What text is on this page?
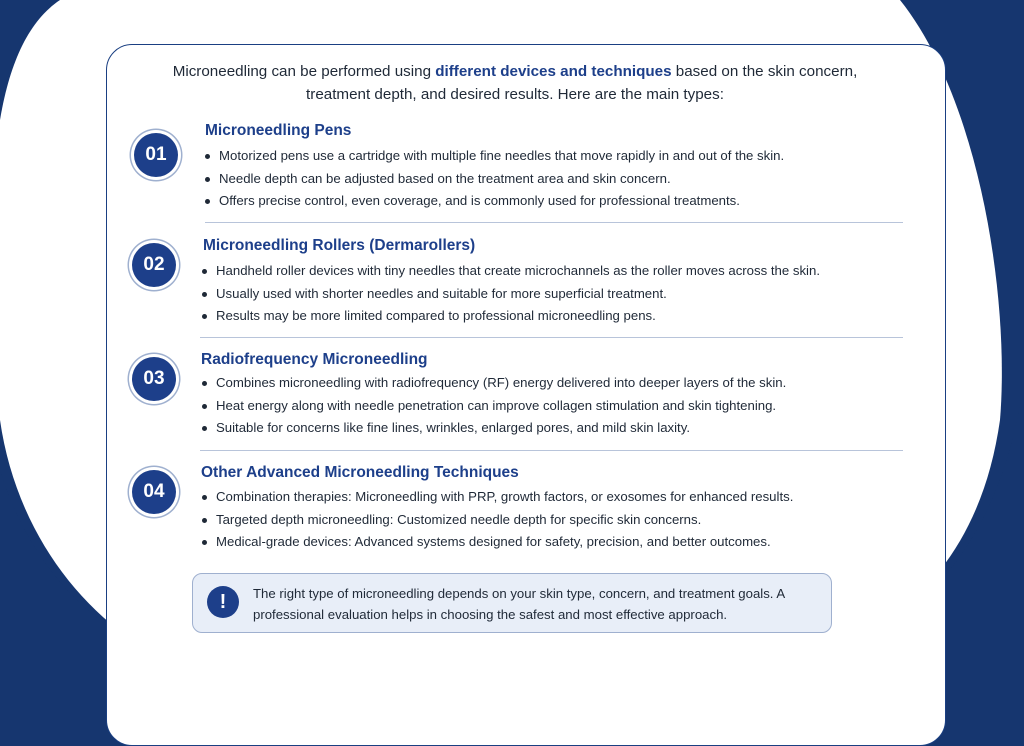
Microneedling can be performed using different devices and techniques based on the skin concern, treatment depth, and desired results. Here are the main types:
01
Microneedling Pens
Motorized pens use a cartridge with multiple fine needles that move rapidly in and out of the skin.
Needle depth can be adjusted based on the treatment area and skin concern.
Offers precise control, even coverage, and is commonly used for professional treatments.
02
Microneedling Rollers (Dermarollers)
Handheld roller devices with tiny needles that create microchannels as the roller moves across the skin.
Usually used with shorter needles and suitable for more superficial treatment.
Results may be more limited compared to professional microneedling pens.
03
Radiofrequency Microneedling
Combines microneedling with radiofrequency (RF) energy delivered into deeper layers of the skin.
Heat energy along with needle penetration can improve collagen stimulation and skin tightening.
Suitable for concerns like fine lines, wrinkles, enlarged pores, and mild skin laxity.
04
Other Advanced Microneedling Techniques
Combination therapies: Microneedling with PRP, growth factors, or exosomes for enhanced results.
Targeted depth microneedling: Customized needle depth for specific skin concerns.
Medical-grade devices: Advanced systems designed for safety, precision, and better outcomes.
!	The right type of microneedling depends on your skin type, concern, and treatment goals. A professional evaluation helps in choosing the safest and most effective approach.
